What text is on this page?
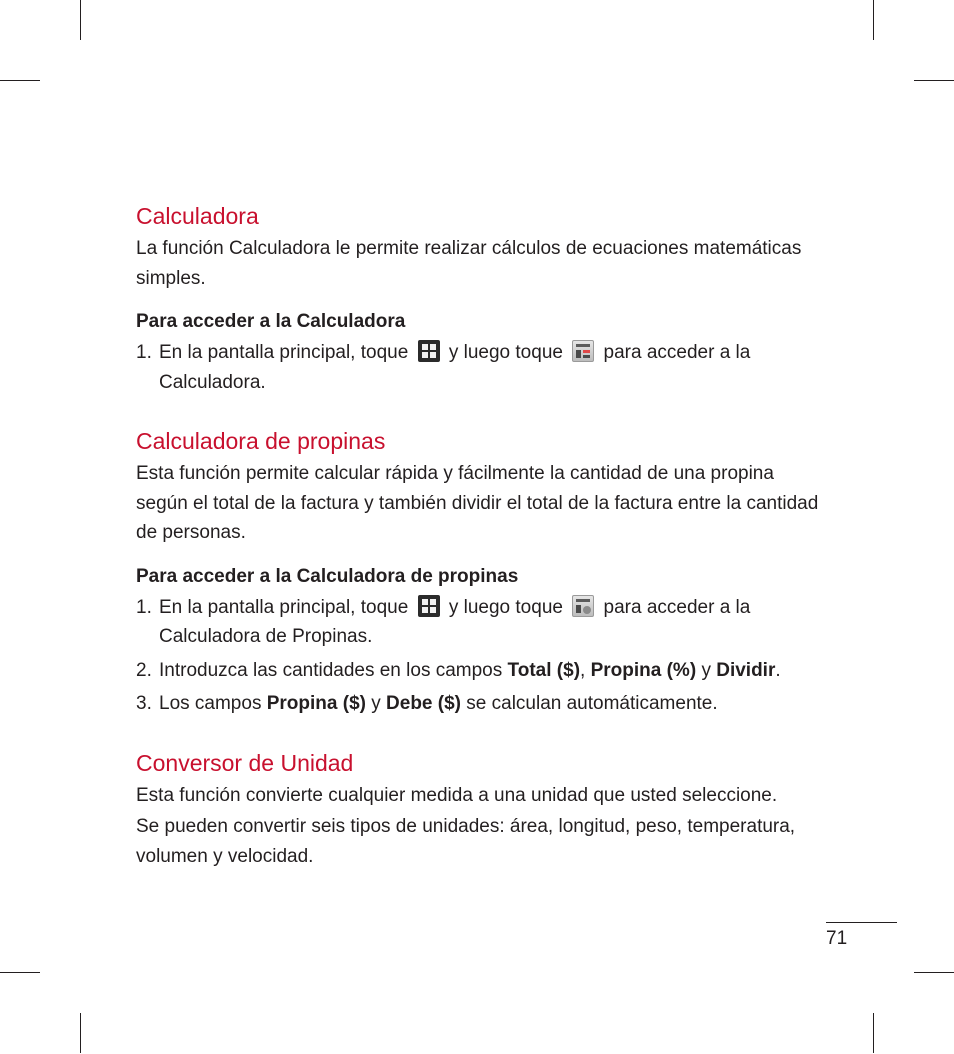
Calculadora

La función Calculadora le permite realizar cálculos de ecuaciones matemáticas simples.

Para acceder a la Calculadora

1. En la pantalla principal, toque y luego toque para acceder a la Calculadora.
Calculadora de propinas

Esta función permite calcular rápida y fácilmente la cantidad de una propina según el total de la factura y también dividir el total de la factura entre la cantidad de personas.

Para acceder a la Calculadora de propinas

1. En la pantalla principal, toque y luego toque para acceder a la Calculadora de Propinas.
2. Introduzca las cantidades en los campos Total ($), Propina (%) y Dividir.
3. Los campos Propina ($) y Debe ($) se calculan automáticamente.
Conversor de Unidad

Esta función convierte cualquier medida a una unidad que usted seleccione.

Se pueden convertir seis tipos de unidades: área, longitud, peso, temperatura, volumen y velocidad.

71
